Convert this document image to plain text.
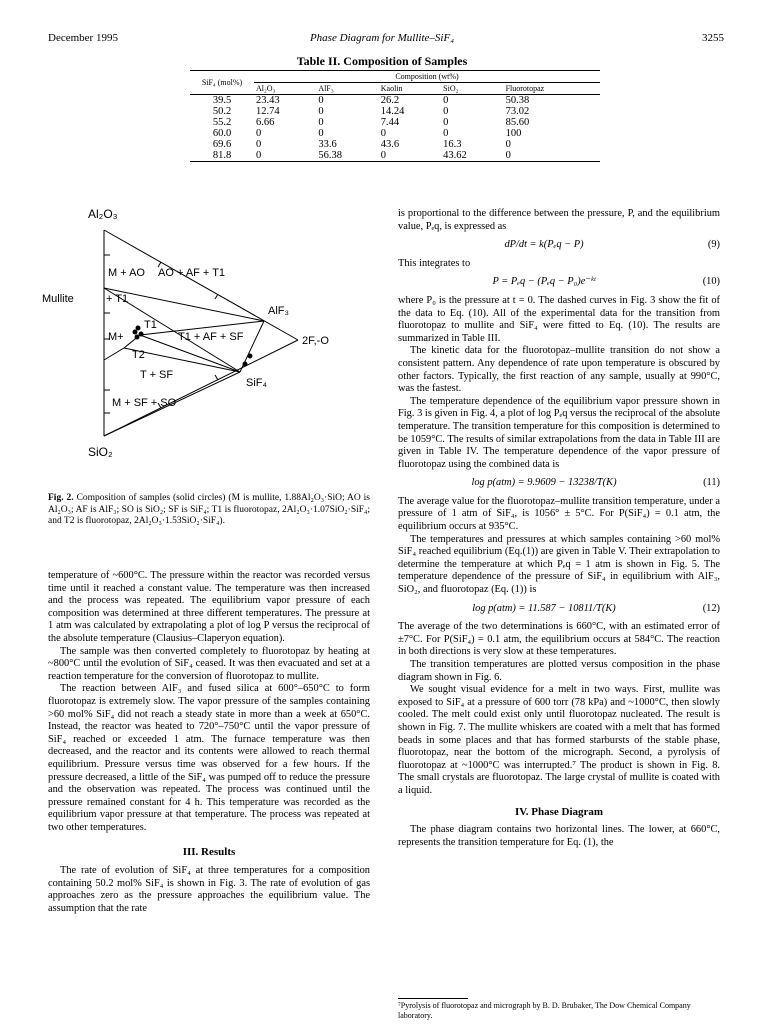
December 1995	Phase Diagram for Mullite–SiF₄	3255
Table II. Composition of Samples
SiF₄ (mol%)	Composition (wt%)				
	Al₂O₃	AlF₃	Kaolin	SiO₂	Fluorotopaz
39.5	23.43	0	26.2	0	50.38
50.2	12.74	0	14.24	0	73.02
55.2	6.66	0	7.44	0	85.60
60.0	0	0	0	0	100
69.6	0	33.6	43.6	16.3	0
81.8	0	56.38	0	43.62	0
Al₂O₃
SiO₂
Mullite
AlF₃
2F,-O
SiF₄
M + AO AO + AF + T1
+ T1
T1
T1 + AF + SF
M+
T2
T + SF
M + SF + SO
Fig. 2. Composition of samples (solid circles) (M is mullite, 1.88Al₂O₃·SiO; AO is Al₂O₃; AF is AlF₃; SO is SiO₂; SF is SiF₄; T1 is fluorotopaz, 2Al₂O₃·1.07SiO₂·SiF₄; and T2 is fluorotopaz, 2Al₂O₃·1.53SiO₂·SiF₄).

temperature of ~600°C. The pressure within the reactor was recorded versus time until it reached a constant value. The temperature was then increased and the process was repeated. The equilibrium vapor pressure of each composition was determined at three different temperatures. The pressure at 1 atm was calculated by extrapolating a plot of log P versus the reciprocal of the absolute temperature (Clausius–Claperyon equation).

The sample was then converted completely to fluorotopaz by heating at ~800°C until the evolution of SiF₄ ceased. It was then evacuated and set at a reaction temperature for the conversion of fluorotopaz to mullite.

The reaction between AlF₃ and fused silica at 600°–650°C to form fluorotopaz is extremely slow. The vapor pressure of the samples containing >60 mol% SiF₄ did not reach a steady state in more than a week at 650°C. Instead, the reactor was heated to 720°–750°C until the vapor pressure of SiF₄ reached or exceeded 1 atm. The furnace temperature was then decreased, and the reactor and its contents were allowed to reach thermal equilibrium. Pressure versus time was observed for a few hours. If the pressure decreased, a little of the SiF₄ was pumped off to reduce the pressure and the observation was repeated. The process was continued until the pressure remained constant for 4 h. This temperature was recorded as the equilibrium vapor pressure at that temperature. The process was repeated at two other temperatures.

III. Results

The rate of evolution of SiF₄ at three temperatures for a composition containing 50.2 mol% SiF₄ is shown in Fig. 3. The rate of evolution of gas approaches zero as the pressure approaches the equilibrium value. The assumption that the rate

is proportional to the difference between the pressure, P, and the equilibrium value, Pₑq, is expressed as

dP/dt = k(Pₑq − P)	(9)

This integrates to

P = Pₑq − (Pₑq − P₀)e⁻ᵏᵗ	(10)

where P₀ is the pressure at t = 0. The dashed curves in Fig. 3 show the fit of the data to Eq. (10). All of the experimental data for the transition from fluorotopaz to mullite and SiF₄ were fitted to Eq. (10). The results are summarized in Table III.

The kinetic data for the fluorotopaz–mullite transition do not show a consistent pattern. Any dependence of rate upon temperature is obscured by other factors. Typically, the first reaction of any sample, usually at 990°C, was the fastest.

The temperature dependence of the equilibrium vapor pressure shown in Fig. 3 is given in Fig. 4, a plot of log Pₑq versus the reciprocal of the absolute temperature. The transition temperature for this composition is determined to be 1059°C. The results of similar extrapolations from the data in Table III are given in Table IV. The temperature dependence of the vapor pressure of fluorotopaz using the combined data is

log p(atm) = 9.9609 − 13238/T(K)	(11)

The average value for the fluorotopaz–mullite transition temperature, under a pressure of 1 atm of SiF₄, is 1056° ± 5°C. For P(SiF₄) = 0.1 atm, the equilibrium occurs at 935°C.

The temperatures and pressures at which samples containing >60 mol% SiF₄ reached equilibrium (Eq.(1)) are given in Table V. Their extrapolation to determine the temperature at which Pₑq = 1 atm is shown in Fig. 5. The temperature dependence of the pressure of SiF₄ in equilibrium with AlF₃, SiO₂, and fluorotopaz (Eq. (1)) is

log p(atm) = 11.587 − 10811/T(K)	(12)

The average of the two determinations is 660°C, with an estimated error of ±7°C. For P(SiF₄) = 0.1 atm, the equilibrium occurs at 584°C. The reaction in both directions is very slow at these temperatures.

The transition temperatures are plotted versus composition in the phase diagram shown in Fig. 6.

We sought visual evidence for a melt in two ways. First, mullite was exposed to SiF₄ at a pressure of 600 torr (78 kPa) and ~1000°C, then slowly cooled. The melt could exist only until fluorotopaz nucleated. The result is shown in Fig. 7. The mullite whiskers are coated with a melt that has formed beads in some places and that has formed starbursts of the stable phase, fluorotopaz, near the bottom of the micrograph. Second, a pyrolysis of fluorotopaz at ~1000°C was interrupted.⁷ The product is shown in Fig. 8. The small crystals are fluorotopaz. The large crystal of mullite is coated with a liquid.

IV. Phase Diagram

The phase diagram contains two horizontal lines. The lower, at 660°C, represents the transition temperature for Eq. (1), the

⁷Pyrolysis of fluorotopaz and micrograph by B. D. Brubaker, The Dow Chemical Company laboratory.
